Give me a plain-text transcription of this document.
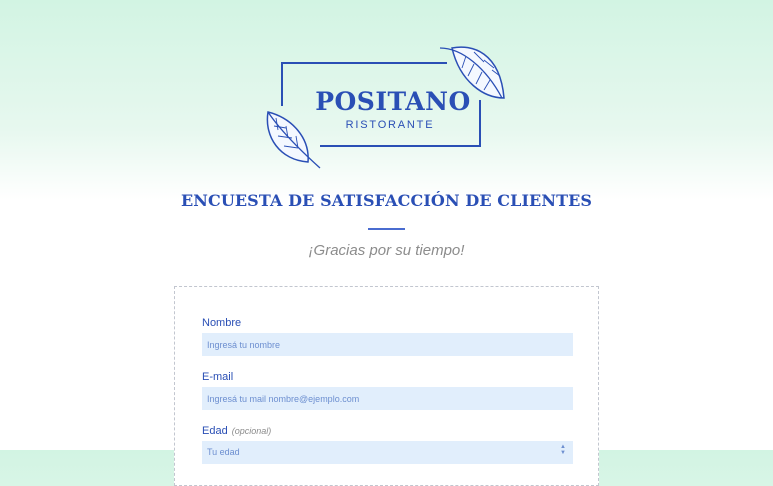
POSITANO
RISTORANTE
ENCUESTA DE SATISFACCIÓN DE CLIENTES
¡Gracias por su tiempo!
Nombre
Ingresá tu nombre
E-mail
Ingresá tu mail nombre@ejemplo.com
Edad (opcional)
Tu edad	▲
▼
